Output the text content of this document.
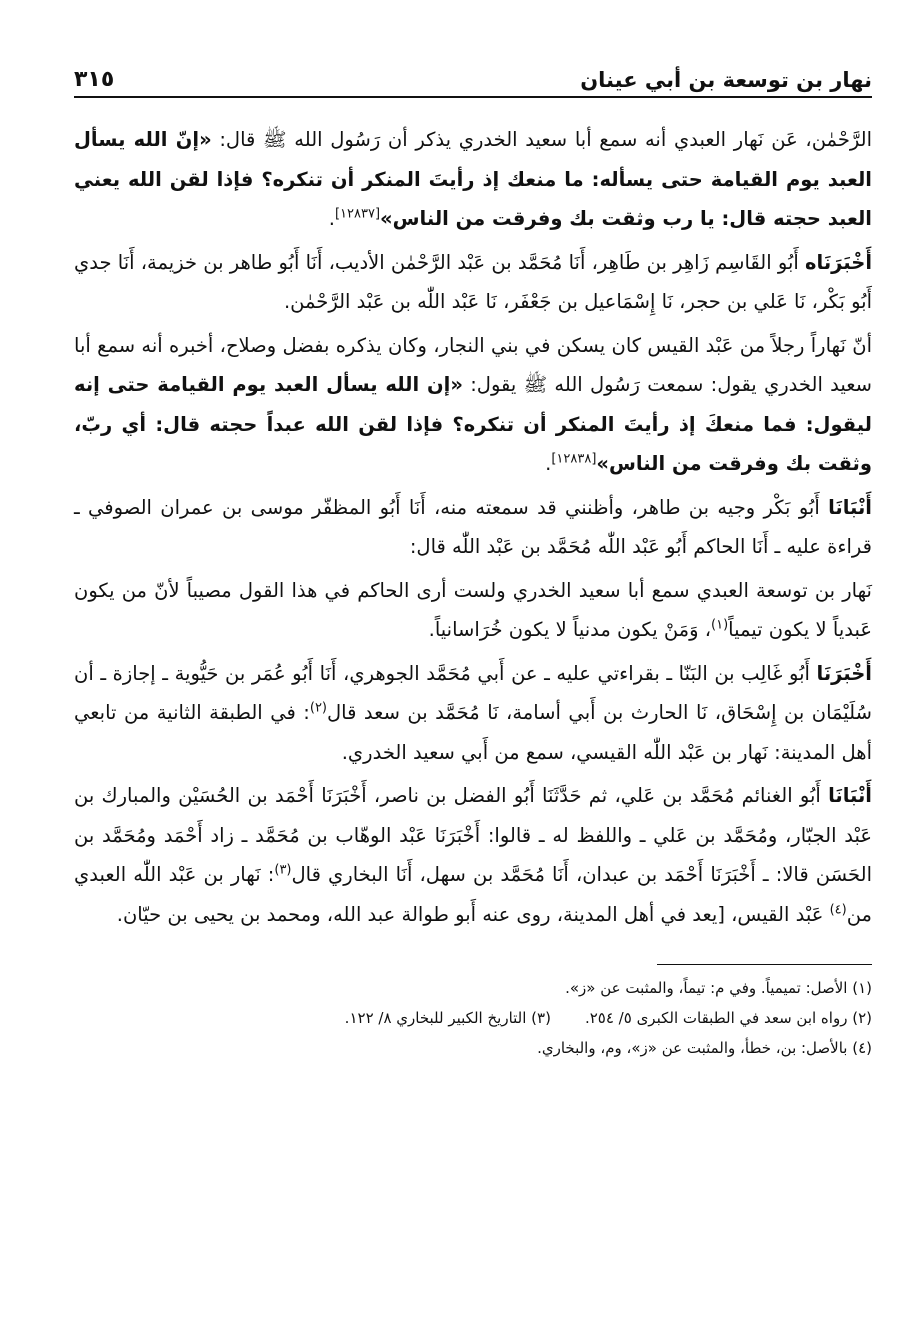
نهار بن توسعة بن أبي عينان
٣١٥

الرَّحْمٰن، عَن نَهار العبدي أنه سمع أبا سعيد الخدري يذكر أن رَسُول الله ﷺ قال: «إنّ الله يسأل العبد يوم القيامة حتى يسأله: ما منعك إذ رأيتَ المنكر أن تنكره؟ فإذا لقن الله يعني العبد حجته قال: يا رب وثقت بك وفرقت من الناس»[١٢٨٣٧].

أَخْبَرَنَاه أَبُو القَاسِم زَاهِر بن طَاهِر، أَنَا مُحَمَّد بن عَبْد الرَّحْمٰن الأديب، أَنَا أَبُو طاهر بن خزيمة، أَنَا جدي أَبُو بَكْر، نَا عَلي بن حجر، نَا إِسْمَاعيل بن جَعْفَر، نَا عَبْد اللّٰه بن عَبْد الرَّحْمٰن.

أنّ نَهاراً رجلاً من عَبْد القيس كان يسكن في بني النجار، وكان يذكره بفضل وصلاح، أخبره أنه سمع أبا سعيد الخدري يقول: سمعت رَسُول الله ﷺ يقول: «إن الله يسأل العبد يوم القيامة حتى إنه ليقول: فما منعكَ إذ رأيتَ المنكر أن تنكره؟ فإذا لقن الله عبداً حجته قال: أي ربّ، وثقت بك وفرقت من الناس»[١٢٨٣٨].

أَنْبَانَا أَبُو بَكْر وجيه بن طاهر، وأظنني قد سمعته منه، أَنَا أَبُو المظفّر موسى بن عمران الصوفي ـ قراءة عليه ـ أَنَا الحاكم أَبُو عَبْد اللّٰه مُحَمَّد بن عَبْد اللّٰه قال:

نَهار بن توسعة العبدي سمع أبا سعيد الخدري ولست أرى الحاكم في هذا القول مصيباً لأنّ من يكون عَبدياً لا يكون تيمياً$^{(١)}$، وَمَنْ يكون مدنياً لا يكون خُرَاسانياً.

أَخْبَرَنَا أَبُو غَالِب بن البَنّا ـ بقراءتي عليه ـ عن أَبي مُحَمَّد الجوهري، أَنَا أَبُو عُمَر بن حَيُّوية ـ إجازة ـ أن سُلَيْمَان بن إِسْحَاق، نَا الحارث بن أَبي أسامة، نَا مُحَمَّد بن سعد قال$^{(٢)}$: في الطبقة الثانية من تابعي أهل المدينة: نَهار بن عَبْد اللّٰه القيسي، سمع من أَبي سعيد الخدري.

أَنْبَانَا أَبُو الغنائم مُحَمَّد بن عَلي، ثم حَدَّثَنَا أَبُو الفضل بن ناصر، أَخْبَرَنَا أَحْمَد بن الحُسَيْن والمبارك بن عَبْد الجبّار، ومُحَمَّد بن عَلي ـ واللفظ له ـ قالوا: أَخْبَرَنَا عَبْد الوهّاب بن مُحَمَّد ـ زاد أَحْمَد ومُحَمَّد بن الحَسَن قالا: ـ أَخْبَرَنَا أَحْمَد بن عبدان، أَنَا مُحَمَّد بن سهل، أَنَا البخاري قال$^{(٣)}$: نَهار بن عَبْد اللّٰه العبدي من$^{(٤)}$ عَبْد القيس، [يعد في أهل المدينة، روى عنه أَبو طوالة عبد الله، ومحمد بن يحيى بن حيّان.

(١) الأصل: تميمياً. وفي م: تيماً، والمثبت عن «ز».

(٢) رواه ابن سعد في الطبقات الكبرى ٥/ ٢٥٤.
(٣) التاريخ الكبير للبخاري ٨/ ١٢٢.

(٤) بالأصل: بن، خطأ، والمثبت عن «ز»، وم، والبخاري.
